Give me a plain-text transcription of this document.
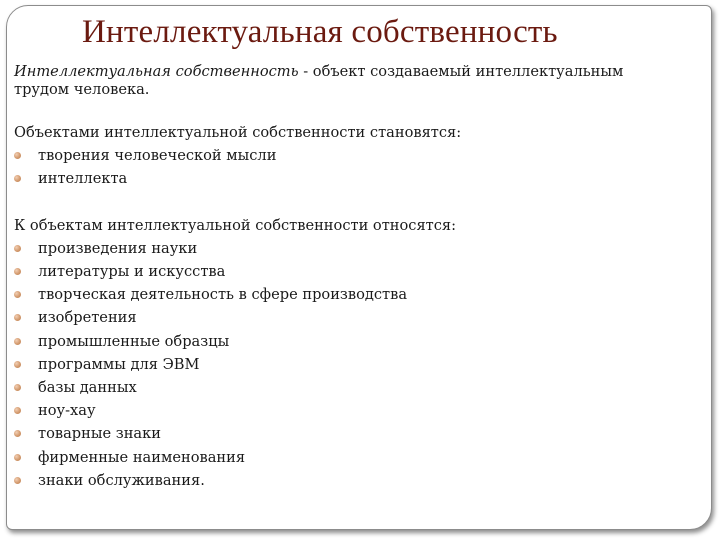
Интеллектуальная собственность

Интеллектуальная собственность - объект создаваемый интеллектуальным

трудом человека.

Объектами интеллектуальной собственности становятся:

творения человеческой мысли
интеллекта

К объектам интеллектуальной собственности относятся:

произведения науки
литературы и искусства
творческая деятельность в сфере производства
изобретения
промышленные образцы
программы для ЭВМ
базы данных
ноу-хау
товарные знаки
фирменные наименования
знаки обслуживания.
